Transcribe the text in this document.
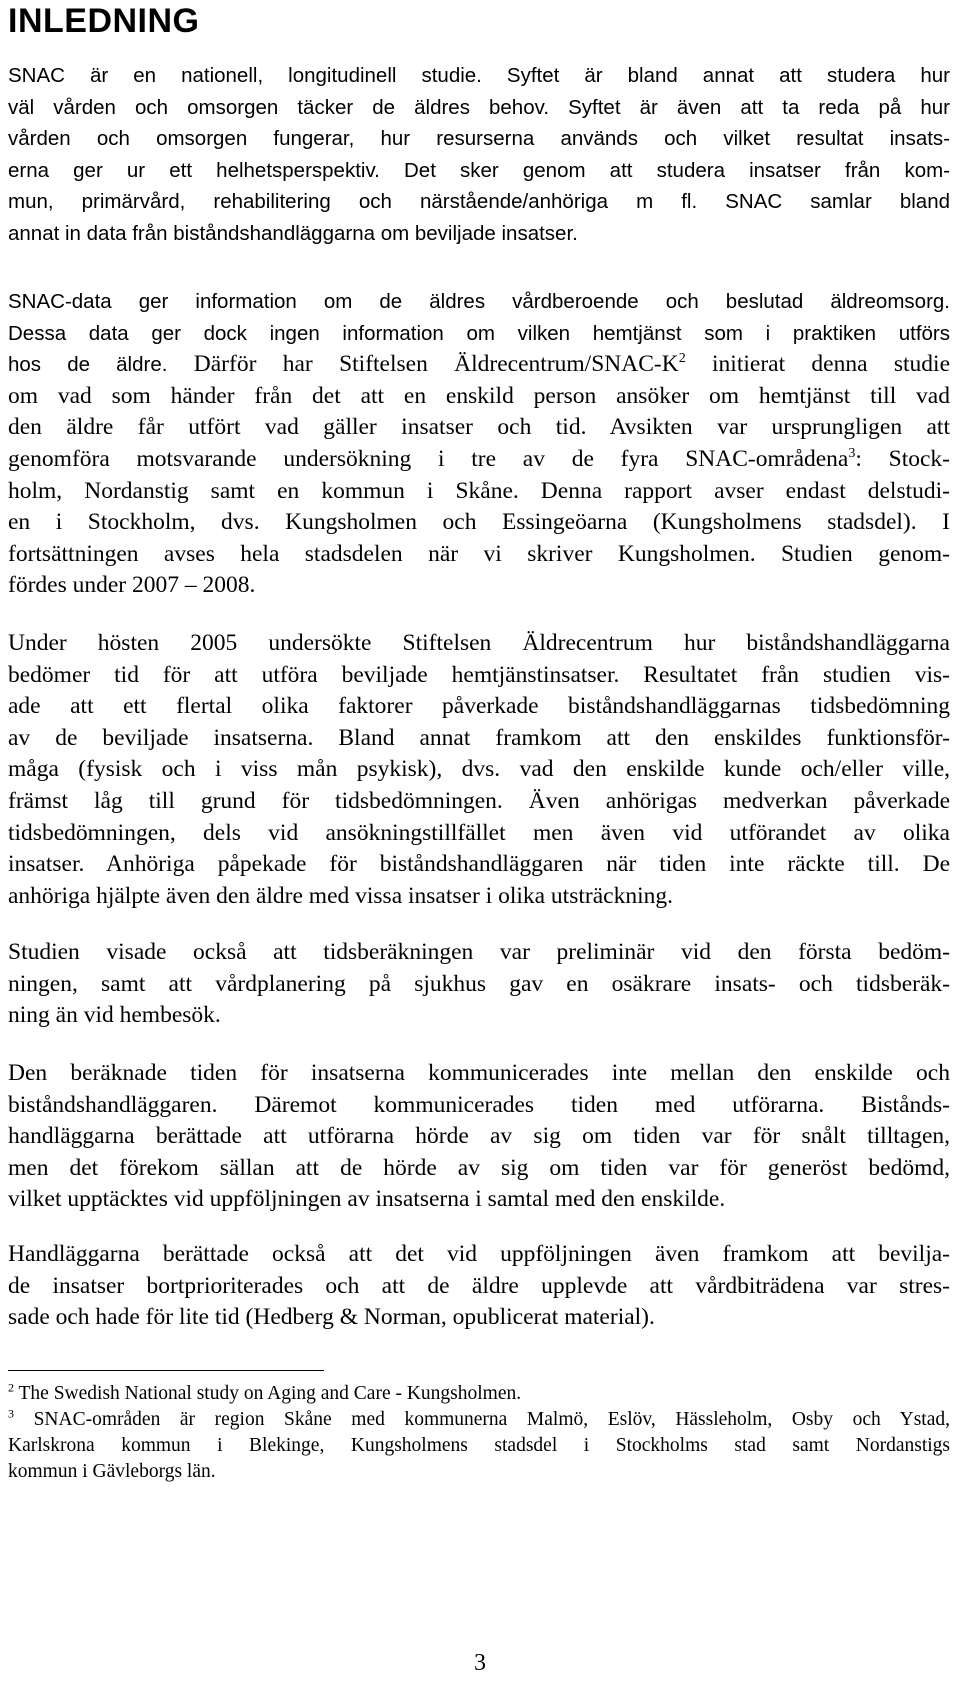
INLEDNING
SNAC är en nationell, longitudinell studie. Syftet är bland annat att studera hur
väl vården och omsorgen täcker de äldres behov. Syftet är även att ta reda på hur
vården och omsorgen fungerar, hur resurserna används och vilket resultat insats-
erna ger ur ett helhetsperspektiv. Det sker genom att studera insatser från kom-
mun, primärvård, rehabilitering och närstående/anhöriga m fl. SNAC samlar bland
annat in data från biståndshandläggarna om beviljade insatser.
SNAC-data ger information om de äldres vårdberoende och beslutad äldreomsorg.
Dessa data ger dock ingen information om vilken hemtjänst som i praktiken utförs
hos de äldre. Därför har Stiftelsen Äldrecentrum/$SNAC-K^2$ initierat denna studie
om vad som händer från det att en enskild person ansöker om hemtjänst till vad
den äldre får utfört vad gäller insatser och tid. Avsikten var ursprungligen att
genomföra motsvarande undersökning i tre av de fyra SNAC-områdena$^3$: Stock-
holm, Nordanstig samt en kommun i Skåne. Denna rapport avser endast delstudi-
en i Stockholm, dvs. Kungsholmen och Essingeöarna (Kungsholmens stadsdel). I
fortsättningen avses hela stadsdelen när vi skriver Kungsholmen. Studien genom-
fördes under 2007 – 2008.
Under hösten 2005 undersökte Stiftelsen Äldrecentrum hur biståndshandläggarna
bedömer tid för att utföra beviljade hemtjänstinsatser. Resultatet från studien vis-
ade att ett flertal olika faktorer påverkade biståndshandläggarnas tidsbedömning
av de beviljade insatserna. Bland annat framkom att den enskildes funktionsför-
måga (fysisk och i viss mån psykisk), dvs. vad den enskilde kunde och/eller ville,
främst låg till grund för tidsbedömningen. Även anhörigas medverkan påverkade
tidsbedömningen, dels vid ansökningstillfället men även vid utförandet av olika
insatser. Anhöriga påpekade för biståndshandläggaren när tiden inte räckte till. De
anhöriga hjälpte även den äldre med vissa insatser i olika utsträckning.
Studien visade också att tidsberäkningen var preliminär vid den första bedöm-
ningen, samt att vårdplanering på sjukhus gav en osäkrare insats- och tidsberäk-
ning än vid hembesök.
Den beräknade tiden för insatserna kommunicerades inte mellan den enskilde och
biståndshandläggaren. Däremot kommunicerades tiden med utförarna. Bistånds-
handläggarna berättade att utförarna hörde av sig om tiden var för snålt tilltagen,
men det förekom sällan att de hörde av sig om tiden var för generöst bedömd,
vilket upptäcktes vid uppföljningen av insatserna i samtal med den enskilde.
Handläggarna berättade också att det vid uppföljningen även framkom att bevilja-
de insatser bortprioriterades och att de äldre upplevde att vårdbiträdena var stres-
sade och hade för lite tid (Hedberg & Norman, opublicerat material).
$^2$ The Swedish National study on Aging and Care - Kungsholmen.
$^3$ SNAC-områden är region Skåne med kommunerna Malmö, Eslöv, Hässleholm, Osby och Ystad,
Karlskrona kommun i Blekinge, Kungsholmens stadsdel i Stockholms stad samt Nordanstigs
kommun i Gävleborgs län.
3
